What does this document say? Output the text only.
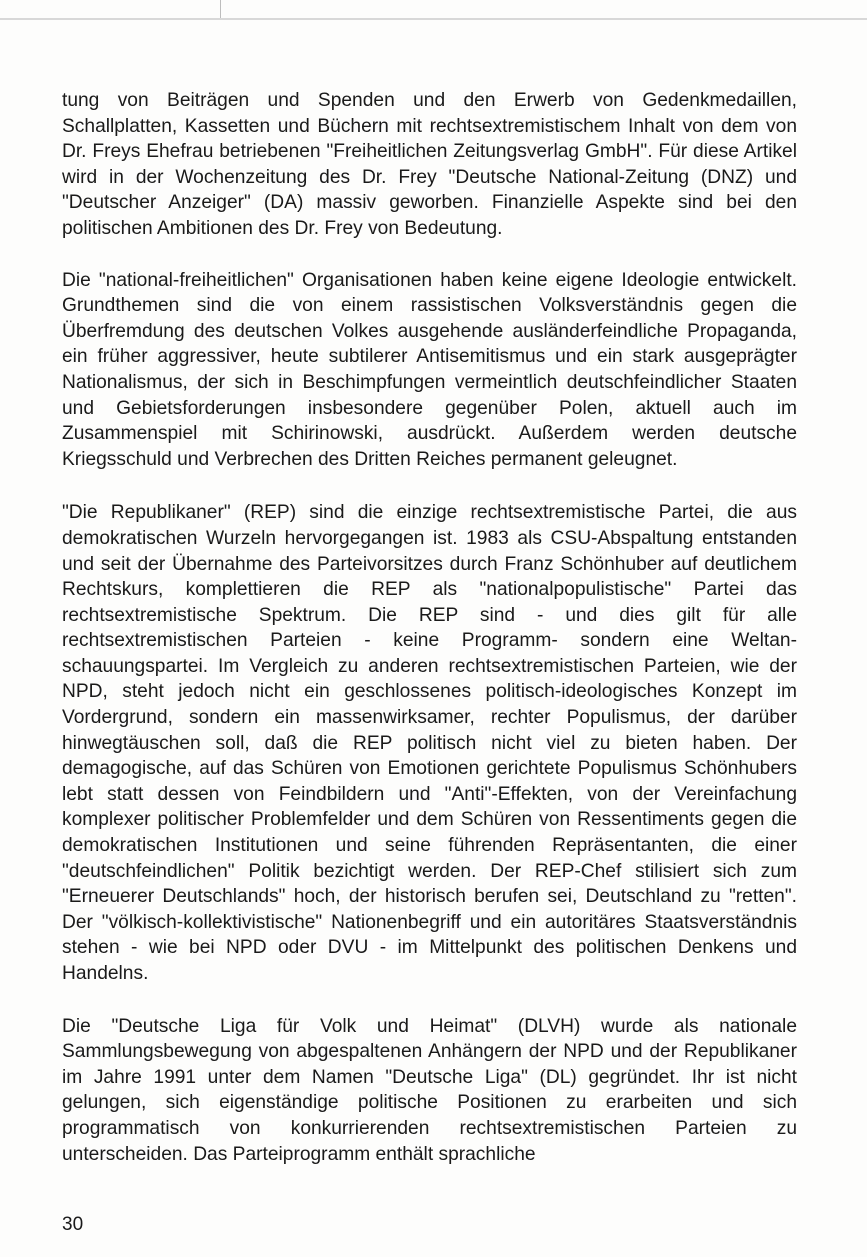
tung von Beiträgen und Spenden und den Erwerb von Gedenkmedaillen, Schallplatten, Kassetten und Büchern mit rechtsextremistischem Inhalt von dem von Dr. Freys Ehefrau betriebenen "Freiheitlichen Zeitungsverlag GmbH". Für diese Artikel wird in der Wochenzeitung des Dr. Frey "Deutsche National-Zeitung (DNZ) und "Deutscher Anzeiger" (DA) massiv geworben. Finanzielle Aspekte sind bei den politischen Ambitionen des Dr. Frey von Bedeutung.

Die "national-freiheitlichen" Organisationen haben keine eigene Ideologie entwickelt. Grundthemen sind die von einem rassistischen Volksverständnis gegen die Überfremdung des deutschen Volkes ausgehende ausländerfeindliche Propaganda, ein früher aggressiver, heute subtilerer Antisemitismus und ein stark ausgeprägter Nationalismus, der sich in Beschimpfungen vermeintlich deutschfeindlicher Staaten und Gebietsforderungen insbesondere gegenüber Polen, aktuell auch im Zusammenspiel mit Schirinowski, ausdrückt. Außerdem werden deutsche Kriegsschuld und Verbrechen des Dritten Reiches permanent geleugnet.

"Die Republikaner" (REP) sind die einzige rechtsextremistische Partei, die aus demokratischen Wurzeln hervorgegangen ist. 1983 als CSU-Abspaltung entstanden und seit der Übernahme des Parteivorsitzes durch Franz Schönhuber auf deutlichem Rechtskurs, komplettieren die REP als "nationalpopulistische" Partei das rechtsextremistische Spektrum. Die REP sind - und dies gilt für alle rechtsextremistischen Parteien - keine Programm- sondern eine Weltanschauungspartei. Im Vergleich zu anderen rechtsextremistischen Parteien, wie der NPD, steht jedoch nicht ein geschlossenes politisch-ideologisches Konzept im Vordergrund, sondern ein massenwirksamer, rechter Populismus, der darüber hinwegtäuschen soll, daß die REP politisch nicht viel zu bieten haben. Der demagogische, auf das Schüren von Emotionen gerichtete Populismus Schönhubers lebt statt dessen von Feindbildern und "Anti"-Effekten, von der Vereinfachung komplexer politischer Problemfelder und dem Schüren von Ressentiments gegen die demokratischen Institutionen und seine führenden Repräsentanten, die einer "deutschfeindlichen" Politik bezichtigt werden. Der REP-Chef stilisiert sich zum "Erneuerer Deutschlands" hoch, der historisch berufen sei, Deutschland zu "retten". Der "völkisch-kollektivistische" Nationenbegriff und ein autoritäres Staatsverständnis stehen - wie bei NPD oder DVU - im Mittelpunkt des politischen Denkens und Handelns.

Die "Deutsche Liga für Volk und Heimat" (DLVH) wurde als nationale Sammlungsbewegung von abgespaltenen Anhängern der NPD und der Republikaner im Jahre 1991 unter dem Namen "Deutsche Liga" (DL) gegründet. Ihr ist nicht gelungen, sich eigenständige politische Positionen zu erarbeiten und sich programmatisch von konkurrierenden rechtsextremistischen Parteien zu unterscheiden. Das Parteiprogramm enthält sprachliche

30
